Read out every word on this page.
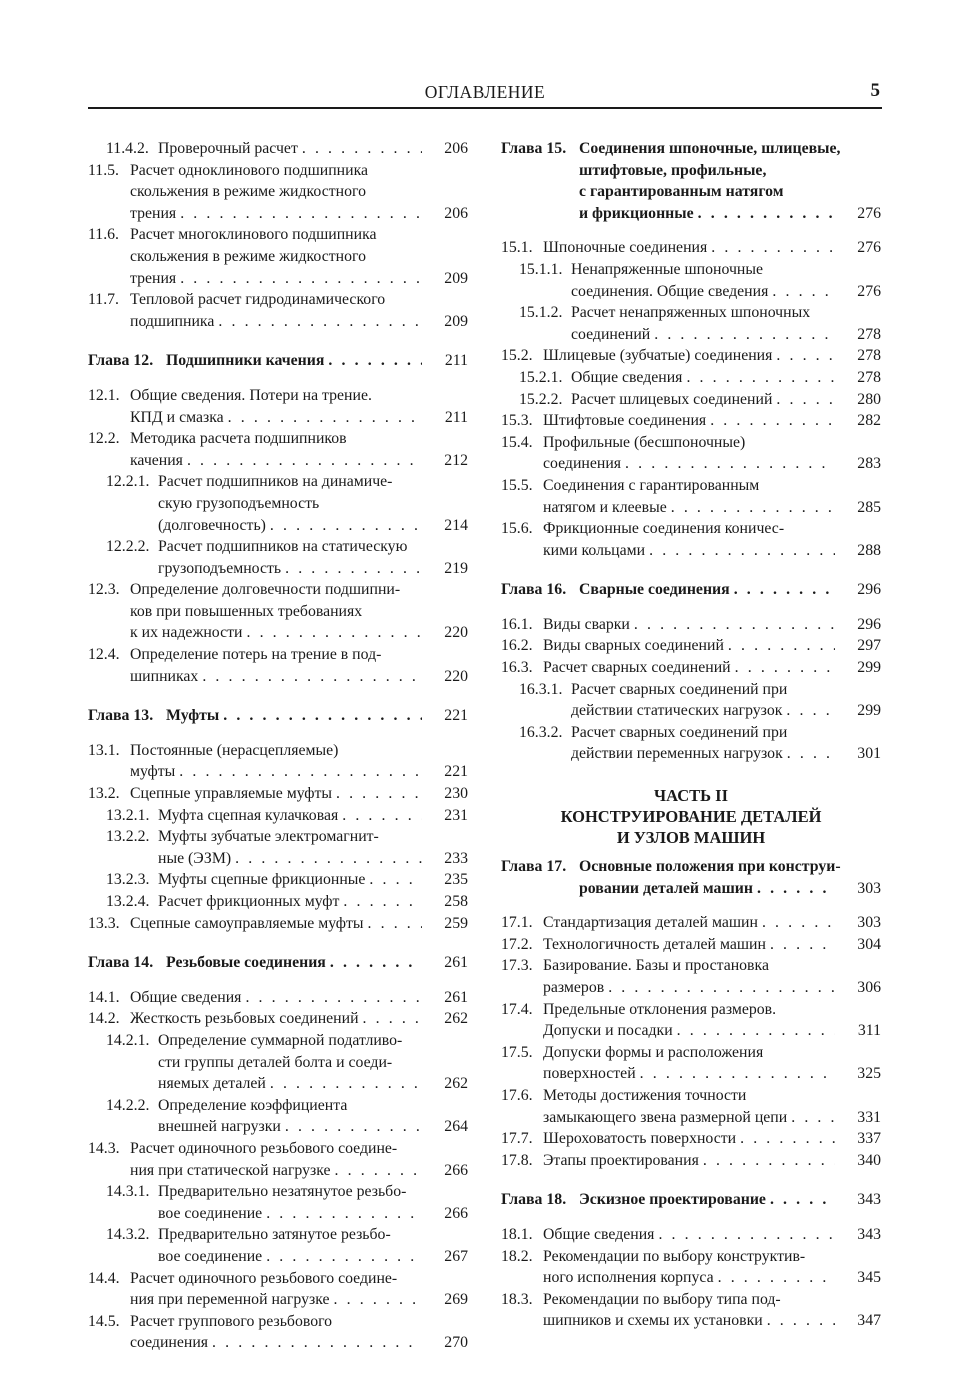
ОГЛАВЛЕНИЕ	5
11.4.2. Проверочный расчет . . .	206
11.5. Расчет одноклинового подшипника
скольжения в режиме жидкостного
трения . . .	206
11.6. Расчет многоклинового подшипника
скольжения в режиме жидкостного
трения . . .	209
11.7. Тепловой расчет гидродинамического
подшипника . . .	209
Глава 12. Подшипники качения . . .	211
12.1. Общие сведения. Потери на трение.
КПД и смазка . . .	211
12.2. Методика расчета подшипников
качения . . .	212
12.2.1. Расчет подшипников на динамиче-
скую грузоподъемность
(долговечность) . . .	214
12.2.2. Расчет подшипников на статическую
грузоподъемность . . .	219
12.3. Определение долговечности подшипни-
ков при повышенных требованиях
к их надежности . . .	220
12.4. Определение потерь на трение в под-
шипниках . . .	220
Глава 13. Муфты . . .	221
13.1. Постоянные (нерасцепляемые)
муфты . . .	221
13.2. Сцепные управляемые муфты . . .	230
13.2.1. Муфта сцепная кулачковая . . .	231
13.2.2. Муфты зубчатые электромагнит-
ные (ЭЗМ) . . .	233
13.2.3. Муфты сцепные фрикционные . . .	235
13.2.4. Расчет фрикционных муфт . . .	258
13.3. Сцепные самоуправляемые муфты . . .	259
Глава 14. Резьбовые соединения . . .	261
14.1. Общие сведения . . .	261
14.2. Жесткость резьбовых соединений . . .	262
14.2.1. Определение суммарной податливо-
сти группы деталей болта и соеди-
няемых деталей . . .	262
14.2.2. Определение коэффициента
внешней нагрузки . . .	264
14.3. Расчет одиночного резьбового соедине-
ния при статической нагрузке . . .	266
14.3.1. Предварительно незатянутое резьбо-
вое соединение . . .	266
14.3.2. Предварительно затянутое резьбо-
вое соединение . . .	267
14.4. Расчет одиночного резьбового соедине-
ния при переменной нагрузке . . .	269
14.5. Расчет группового резьбового
соединения . . .	270
Глава 15. Соединения шпоночные, шлицевые,
штифтовые, профильные,
с гарантированным натягом
и фрикционные . . .	276
15.1. Шпоночные соединения . . .	276
15.1.1. Ненапряженные шпоночные
соединения. Общие сведения . . .	276
15.1.2. Расчет ненапряженных шпоночных
соединений . . .	278
15.2. Шлицевые (зубчатые) соединения . . .	278
15.2.1. Общие сведения . . .	278
15.2.2. Расчет шлицевых соединений . . .	280
15.3. Штифтовые соединения . . .	282
15.4. Профильные (бесшпоночные)
соединения . . .	283
15.5. Соединения с гарантированным
натягом и клеевые . . .	285
15.6. Фрикционные соединения коничес-
кими кольцами . . .	288
Глава 16. Сварные соединения . . .	296
16.1. Виды сварки . . .	296
16.2. Виды сварных соединений . . .	297
16.3. Расчет сварных соединений . . .	299
16.3.1. Расчет сварных соединений при
действии статических нагрузок . . .	299
16.3.2. Расчет сварных соединений при
действии переменных нагрузок . . .	301
ЧАСТЬ II
КОНСТРУИРОВАНИЕ ДЕТАЛЕЙ
И УЗЛОВ МАШИН
Глава 17. Основные положения при конструи-
ровании деталей машин . . .	303
17.1. Стандартизация деталей машин . . .	303
17.2. Технологичность деталей машин . . .	304
17.3. Базирование. Базы и простановка
размеров . . .	306
17.4. Предельные отклонения размеров.
Допуски и посадки . . .	311
17.5. Допуски формы и расположения
поверхностей . . .	325
17.6. Методы достижения точности
замыкающего звена размерной цепи . . .	331
17.7. Шероховатость поверхности . . .	337
17.8. Этапы проектирования . . .	340
Глава 18. Эскизное проектирование . . .	343
18.1. Общие сведения . . .	343
18.2. Рекомендации по выбору конструктив-
ного исполнения корпуса . . .	345
18.3. Рекомендации по выбору типа под-
шипников и схемы их установки . . .	347
